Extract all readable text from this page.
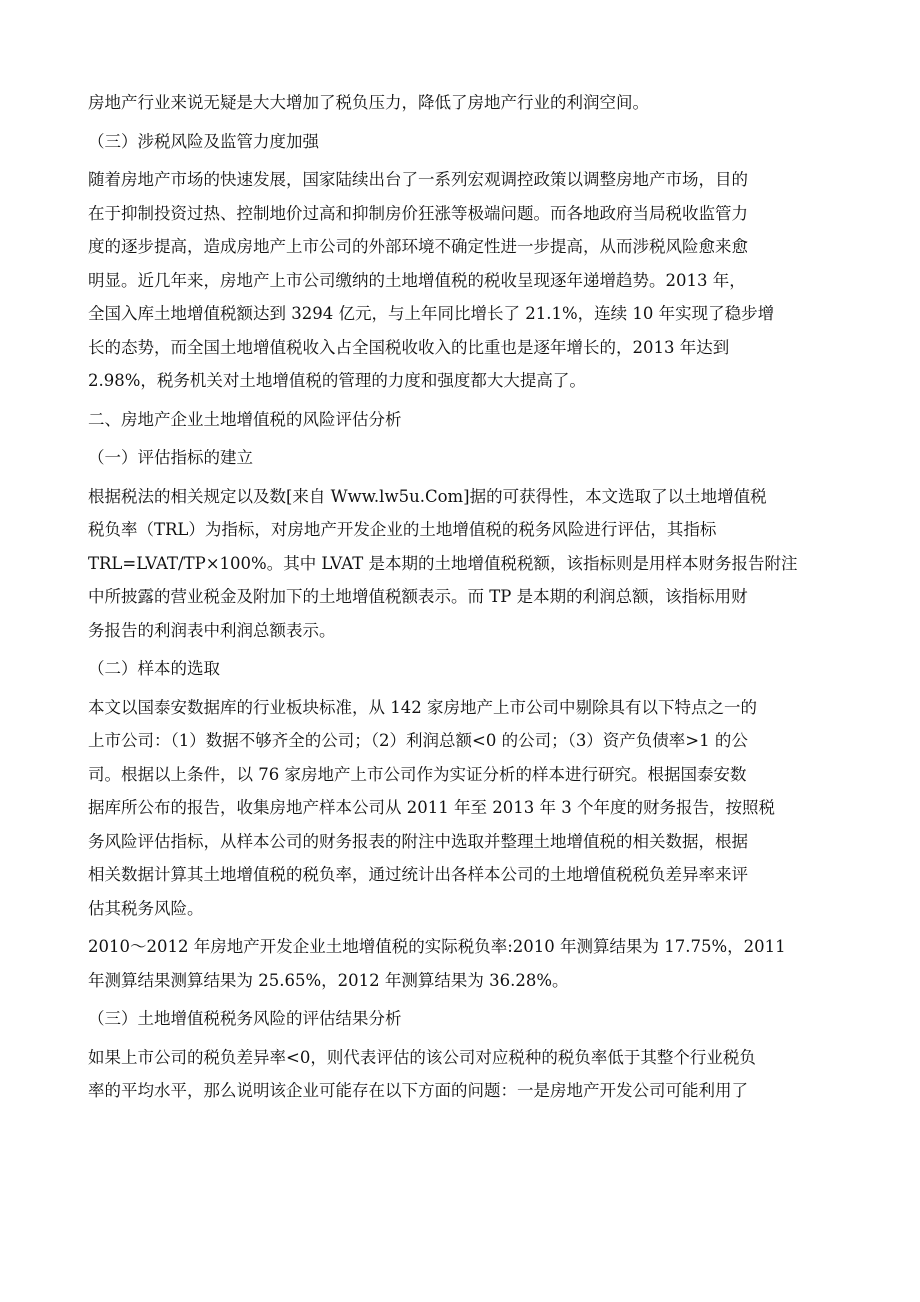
房地产行业来说无疑是大大增加了税负压力，降低了房地产行业的利润空间。
（三）涉税风险及监管力度加强
随着房地产市场的快速发展，国家陆续出台了一系列宏观调控政策以调整房地产市场，目的
在于抑制投资过热、控制地价过高和抑制房价狂涨等极端问题。而各地政府当局税收监管力
度的逐步提高，造成房地产上市公司的外部环境不确定性进一步提高，从而涉税风险愈来愈
明显。近几年来，房地产上市公司缴纳的土地增值税的税收呈现逐年递增趋势。2013 年，
全国入库土地增值税额达到 3294 亿元，与上年同比增长了 21.1%，连续 10 年实现了稳步增
长的态势，而全国土地增值税收入占全国税收收入的比重也是逐年增长的，2013 年达到
2.98%，税务机关对土地增值税的管理的力度和强度都大大提高了。
二、房地产企业土地增值税的风险评估分析
（一）评估指标的建立
根据税法的相关规定以及数[来自 Www.lw5u.Com]据的可获得性，本文选取了以土地增值税
税负率（TRL）为指标，对房地产开发企业的土地增值税的税务风险进行评估，其指标
TRL=LVAT/TP×100%。其中 LVAT 是本期的土地增值税税额，该指标则是用样本财务报告附注
中所披露的营业税金及附加下的土地增值税额表示。而 TP 是本期的利润总额，该指标用财
务报告的利润表中利润总额表示。
（二）样本的选取
本文以国泰安数据库的行业板块标准，从 142 家房地产上市公司中剔除具有以下特点之一的
上市公司：（1）数据不够齐全的公司；（2）利润总额<0 的公司；（3）资产负债率>1 的公
司。根据以上条件，以 76 家房地产上市公司作为实证分析的样本进行研究。根据国泰安数
据库所公布的报告，收集房地产样本公司从 2011 年至 2013 年 3 个年度的财务报告，按照税
务风险评估指标，从样本公司的财务报表的附注中选取并整理土地增值税的相关数据，根据
相关数据计算其土地增值税的税负率，通过统计出各样本公司的土地增值税税负差异率来评
估其税务风险。
2010～2012 年房地产开发企业土地增值税的实际税负率:2010 年测算结果为 17.75%，2011
年测算结果测算结果为 25.65%，2012 年测算结果为 36.28%。
（三）土地增值税税务风险的评估结果分析
如果上市公司的税负差异率<0，则代表评估的该公司对应税种的税负率低于其整个行业税负
率的平均水平，那么说明该企业可能存在以下方面的问题：一是房地产开发公司可能利用了
